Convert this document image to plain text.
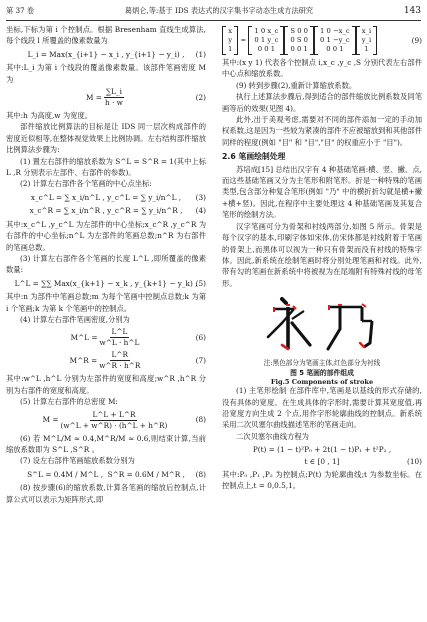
第 37 卷	葛炳仑,等:基于 IDS 表达式的汉字集书字动态生成方法研究	143

坐标,下标为第 i 个控制点。根据 Bresenham 直线生成算法,每个线段 l 所覆盖的像素数量为

L_i = Max(x_{i+1} − x_i , y_{i+1} − y_i) , (1)

其中:L_i 为第 i 个线段的覆盖像素数量。该部件笔画密度 M 为

$M = \frac{\sum L\_i}{h \cdot w}$	(2)

其中:h 为高度,w 为宽度。

部件缩放比例算法的目标是让 IDS 同一层次构成部件的密度近似相等,在整体视觉效果上比例协调。左右结构部件缩放比例算法步骤为:

(1) 置左右部件的缩放系数为 S^L = S^R = 1(其中上标 L ,R 分别表示左部件、右部件的参数)。

(2) 计算左右部件各个笔画的中心点坐标:

x_c^L = ∑ x_i/n^L , y_c^L = ∑ y_i/n^L , (3)
x_c^R = ∑ x_i/n^R , y_c^R = ∑ y_i/n^R , (4)

其中:x_c^L ,y_c^L 为左部件的中心坐标;x_c^R ,y_c^R 为右部件的中心坐标;n^L 为左部件的笔画总数;n^R 为右部件的笔画总数。

(3) 计算左右部件各个笔画的长度 L^L ,即所覆盖的像素数量:

L^L = ∑∑ Max(x_{k+1} − x_k , y_{k+1} − y_k) ,
(5)

其中:n 为部件中笔画总数;m 为每个笔画中控制点总数;k 为第 i 个笔画;k 为第 k 个笔画中的控制点。

(4) 计算左右部件笔画密度,分别为

M^L = $\frac{L\^{}L}{w\^{}L \cdot h\^{}L}$	(6)
M^R = $\frac{L\^{}R}{w\^{}R \cdot h\^{}R}$	(7)

其中:w^L ,h^L 分别为左部件的宽度和高度;w^R ,h^R 分别为右部件的宽度和高度。

(5) 计算左右部件的总密度 M:

$M = \frac{L\^{}L + L\^{}R}{(w\^{}L + w\^{}R) \cdot (h\^{}L + h\^{}R)}$	(8)

(6) 若 M^L/M ≈ 0.4,M^R/M ≈ 0.6,则结束计算,当前缩放系数即为 S^L ,S^R 。

(7) 设左右部件笔画缩放系数分别为

S^L = 0.4M / M^L ,
S^R = 0.6M / M^R , (8)

(8) 按步骤(6)的缩放系数,计算各笔画的缩放后控制点,计算公式可以表示为矩阵形式,即

x
y
1
=
1 0 x_c
0 1 y_c
0 0 1
S 0 0
0 S 0
0 0 1
1 0 −x_c
0 1 −y_c
0 0 1
x_i
y_i
1
(9)

其中:(x y 1) 代表各个控制点 i,x_c ,y_c ,S 分别代表左右部件中心点和缩放系数。

(9) 转到步骤(2),重新计算缩放系数。

执行上述算法步骤后,得到适合的部件缩放比例系数及同笔画等后的效果(见图 4)。

此外,出于美观考虑,需要对不同的部件添加一定的手动加权系数,这是因为一些较为紧凑的部件不应被缩放到和其他部件同样的程度(例如 "目" 和 "目","目" 的权重应小于 "目")。

2.6 笔画绘制处理

苏培成[15] 总结出汉字有 4 种基础笔画:横、竖、撇、点,而这些基础笔画又分为主笔形和附笔形。折是一种特殊的笔画类型,包含部分种复合笔形(例如 "乃" 中的横折折勾就是横+撇+横+竖)。因此,在程序中主要处理这 4 种基础笔画及其复合笔形的绘制方法。

汉字笔画可分为骨架和衬线两部分,如图 5 所示。骨架是每个汉字的基本,印刷字体如宋体,仿宋体都是衬线附着于笔画的骨架上,而黑体可以视为一种只有骨架而没有衬线的特殊字体。因此,新系统在绘制笔画时将分别处理笔画和衬线。此外,带有勾的笔画在新系统中将被视为在尾端附有特殊衬线的母笔形。

注:黑色部分为笔画主体,红色部分为衬线
图 5 笔画的部件组成
Fig.5 Components of stroke

(1) 主笔形绘制 在部件库中,笔画是以基线的形式存储的,没有具体的宽度。在生成具体的字形时,需要计算其宽度值,再沿宽度方向生成 2 个点,用作字形轮廓曲线的控制点。新系统采用二次贝塞尔曲线描述笔形的笔画走向。

二次贝塞尔曲线方程为

P(t) = (1 − t)²P₀ + 2t(1 − t)P₁ + t²P₂ ,
t ∈ [0 , 1]	(10)

其中:P₀ ,P₁ ,P₂ 为控制点;P(t) 为轮廓曲线;t 为参数坐标。在控制点上,t = 0,0.5,1。
